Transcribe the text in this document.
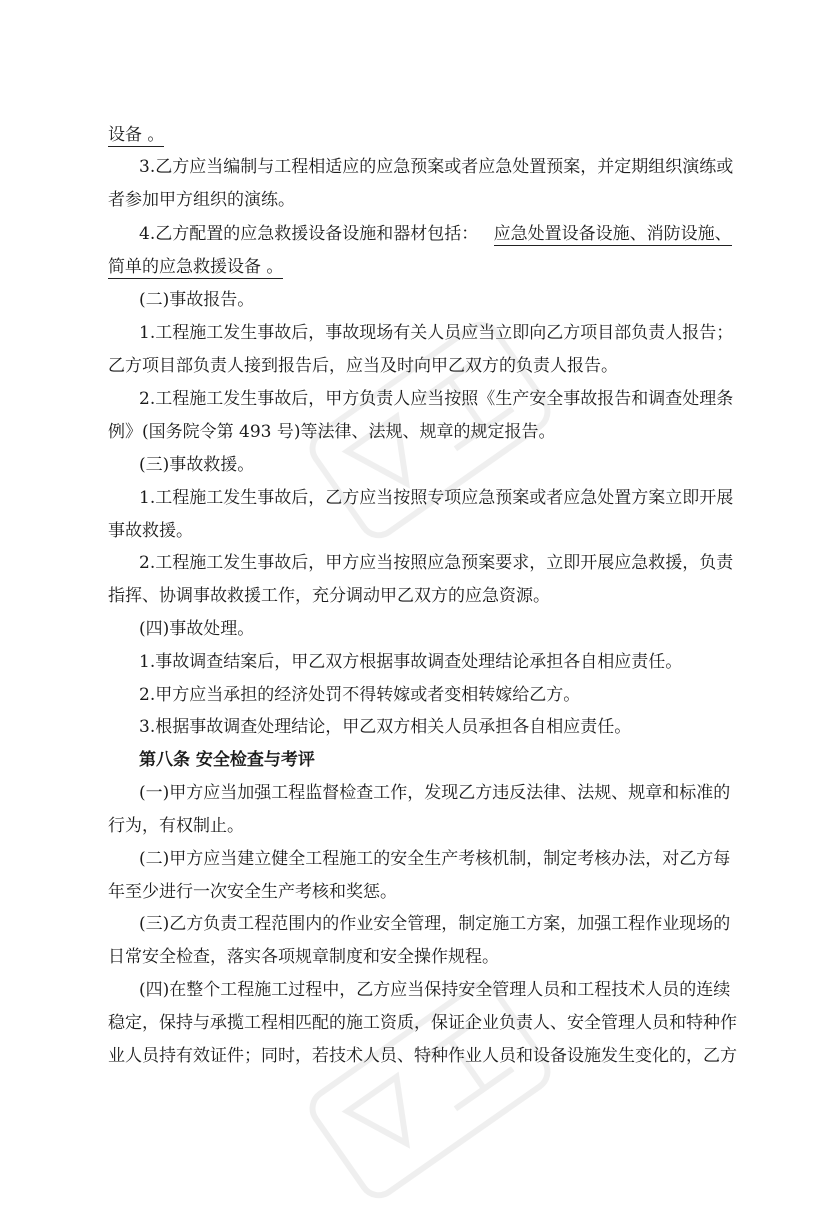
设备 。
3.乙方应当编制与工程相适应的应急预案或者应急处置预案，并定期组织演练或
者参加甲方组织的演练。
4.乙方配置的应急救援设备设施和器材包括： 应急处置设备设施、消防设施、
简单的应急救援设备 。
(二)事故报告。
1.工程施工发生事故后，事故现场有关人员应当立即向乙方项目部负责人报告；
乙方项目部负责人接到报告后，应当及时向甲乙双方的负责人报告。
2.工程施工发生事故后，甲方负责人应当按照《生产安全事故报告和调查处理条
例》(国务院令第 493 号)等法律、法规、规章的规定报告。
(三)事故救援。
1.工程施工发生事故后，乙方应当按照专项应急预案或者应急处置方案立即开展
事故救援。
2.工程施工发生事故后，甲方应当按照应急预案要求，立即开展应急救援，负责
指挥、协调事故救援工作，充分调动甲乙双方的应急资源。
(四)事故处理。
1.事故调查结案后，甲乙双方根据事故调查处理结论承担各自相应责任。
2.甲方应当承担的经济处罚不得转嫁或者变相转嫁给乙方。
3.根据事故调查处理结论，甲乙双方相关人员承担各自相应责任。
第八条 安全检查与考评
(一)甲方应当加强工程监督检查工作，发现乙方违反法律、法规、规章和标准的
行为，有权制止。
(二)甲方应当建立健全工程施工的安全生产考核机制，制定考核办法，对乙方每
年至少进行一次安全生产考核和奖惩。
(三)乙方负责工程范围内的作业安全管理，制定施工方案，加强工程作业现场的
日常安全检查，落实各项规章制度和安全操作规程。
(四)在整个工程施工过程中，乙方应当保持安全管理人员和工程技术人员的连续
稳定，保持与承揽工程相匹配的施工资质，保证企业负责人、安全管理人员和特种作
业人员持有效证件；同时，若技术人员、特种作业人员和设备设施发生变化的，乙方
